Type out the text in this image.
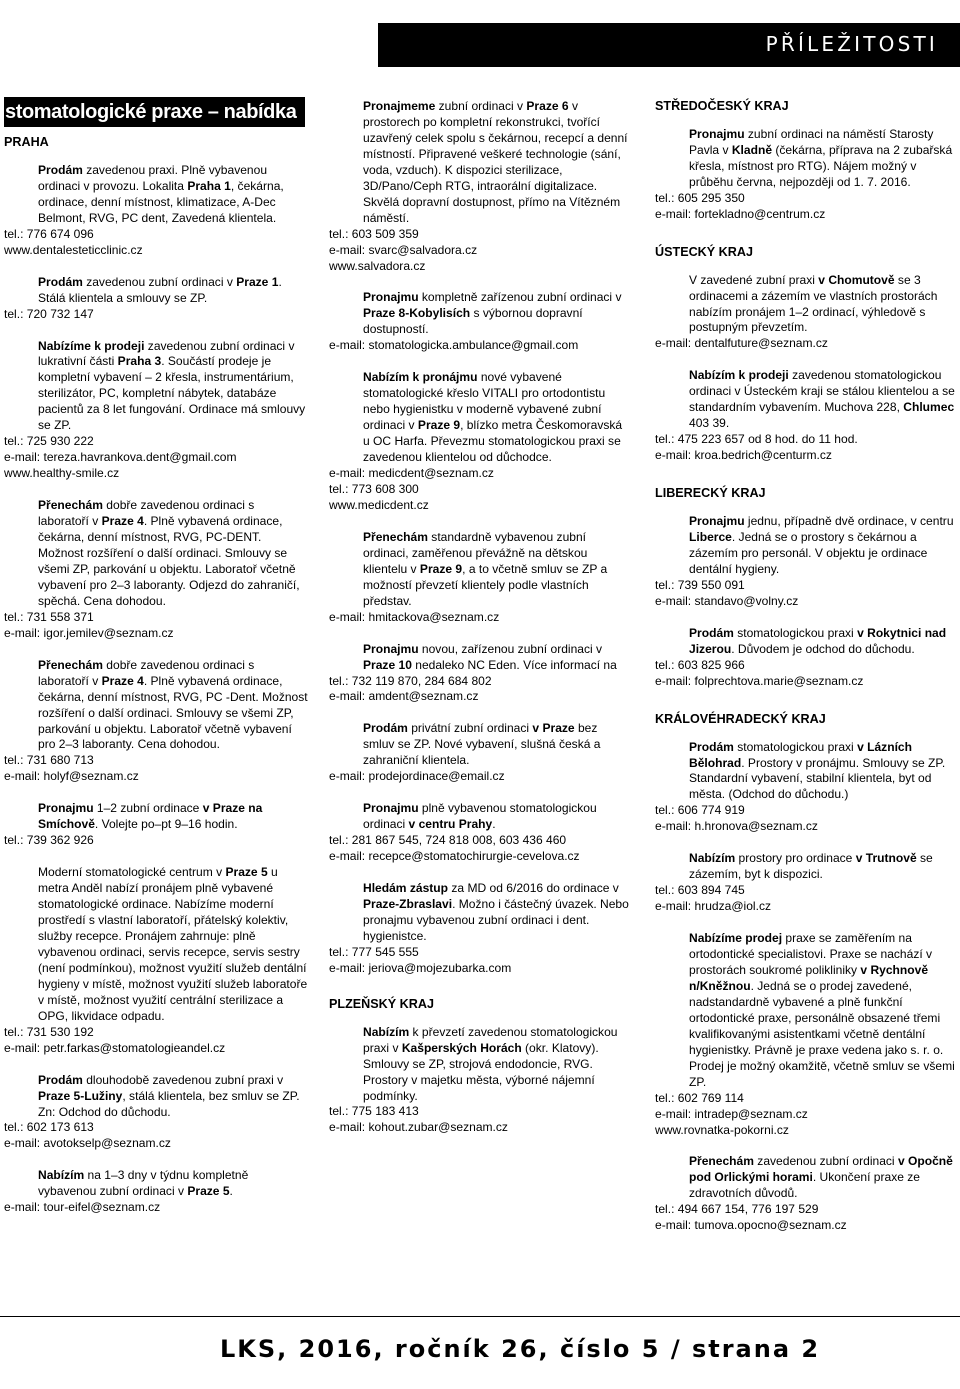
PŘÍLEŽITOSTI
stomatologické praxe – nabídka
PRAHA

Prodám zavedenou praxi. Plně vybavenou ordinaci v provozu. Lokalita Praha 1, čekárna, ordinace, denní místnost, klimatizace, A-Dec Belmont, RVG, PC dent, Zavedená klientela.

tel.: 776 674 096

www.dentalesteticclinic.cz

Prodám zavedenou zubní ordinaci v Praze 1. Stálá klientela a smlouvy se ZP.

tel.: 720 732 147

Nabízíme k prodeji zavedenou zubní ordinaci v lukrativní části Praha 3. Součástí prodeje je kompletní vybavení – 2 křesla, instrumentárium, sterilizátor, PC, kompletní nábytek, databáze pacientů za 8 let fungování. Ordinace má smlouvy se ZP.

tel.: 725 930 222

e-mail: tereza.havrankova.dent@gmail.com

www.healthy-smile.cz

Přenechám dobře zavedenou ordinaci s laboratoří v Praze 4. Plně vybavená ordinace, čekárna, denní místnost, RVG, PC-DENT. Možnost rozšíření o další ordinaci. Smlouvy se všemi ZP, parkování u objektu. Laboratoř včetně vybavení pro 2–3 laboranty. Odjezd do zahraničí, spěchá. Cena dohodou.

tel.: 731 558 371

e-mail: igor.jemilev@seznam.cz

Přenechám dobře zavedenou ordinaci s laboratoří v Praze 4. Plně vybavená ordinace, čekárna, denní místnost, RVG, PC -Dent. Možnost rozšíření o další ordinaci. Smlouvy se všemi ZP, parkování u objektu. Laboratoř včetně vybavení pro 2–3 laboranty. Cena dohodou.

tel.: 731 680 713

e-mail: holyf@seznam.cz

Pronajmu 1–2 zubní ordinace v Praze na Smíchově. Volejte po–pt 9–16 hodin.

tel.: 739 362 926

Moderní stomatologické centrum v Praze 5 u metra Anděl nabízí pronájem plně vybavené stomatologické ordinace. Nabízíme moderní prostředí s vlastní laboratoří, přátelský kolektiv, služby recepce. Pronájem zahrnuje: plně vybavenou ordinaci, servis recepce, servis sestry (není podmínkou), možnost využití služeb dentální hygieny v místě, možnost využití služeb laboratoře v místě, možnost využití centrální sterilizace a OPG, likvidace odpadu.

tel.: 731 530 192

e-mail: petr.farkas@stomatologieandel.cz

Prodám dlouhodobě zavedenou zubní praxi v Praze 5-Lužiny, stálá klientela, bez smluv se ZP. Zn: Odchod do důchodu.

tel.: 602 173 613

e-mail: avotokselp@seznam.cz

Nabízím na 1–3 dny v týdnu kompletně vybavenou zubní ordinaci v Praze 5.

e-mail: tour-eifel@seznam.cz

Pronajmeme zubní ordinaci v Praze 6 v prostorech po kompletní rekonstrukci, tvořící uzavřený celek spolu s čekárnou, recepcí a denní místností. Připravené veškeré technologie (sání, voda, vzduch). K dispozici sterilizace, 3D/Pano/Ceph RTG, intraorální digitalizace. Skvělá dopravní dostupnost, přímo na Vítězném náměstí.

tel.: 603 509 359

e-mail: svarc@salvadora.cz

www.salvadora.cz

Pronajmu kompletně zařízenou zubní ordinaci v Praze 8-Kobylisích s výbornou dopravní dostupností.

e-mail: stomatologicka.ambulance@gmail.com

Nabízím k pronájmu nové vybavené stomatologické křeslo VITALI pro ortodontistu nebo hygienistku v moderně vybavené zubní ordinaci v Praze 9, blízko metra Českomoravská u OC Harfa. Převezmu stomatologickou praxi se zavedenou klientelou od důchodce.

e-mail: medicdent@seznam.cz

tel.: 773 608 300

www.medicdent.cz

Přenechám standardně vybavenou zubní ordinaci, zaměřenou převážně na dětskou klientelu v Praze 9, a to včetně smluv se ZP a možností převzetí klientely podle vlastních představ.

e-mail: hmitackova@seznam.cz

Pronajmu novou, zařízenou zubní ordinaci v Praze 10 nedaleko NC Eden. Více informací na

tel.: 732 119 870, 284 684 802

e-mail: amdent@seznam.cz

Prodám privátní zubní ordinaci v Praze bez smluv se ZP. Nové vybavení, slušná česká a zahraniční klientela.

e-mail: prodejordinace@email.cz

Pronajmu plně vybavenou stomatologickou ordinaci v centru Prahy.

tel.: 281 867 545, 724 818 008, 603 436 460

e-mail: recepce@stomatochirurgie-cevelova.cz

Hledám zástup za MD od 6/2016 do ordinace v Praze-Zbraslavi. Možno i částečný úvazek. Nebo pronajmu vybavenou zubní ordinaci i dent. hygienistce.

tel.: 777 545 555

e-mail: jeriova@mojezubarka.com

PLZEŇSKÝ KRAJ

Nabízím k převzetí zavedenou stomatologickou praxi v Kašperských Horách (okr. Klatovy). Smlouvy se ZP, strojová endodoncie, RVG. Prostory v majetku města, výborné nájemní podmínky.

tel.: 775 183 413

e-mail: kohout.zubar@seznam.cz

STŘEDOČESKÝ KRAJ

Pronajmu zubní ordinaci na náměstí Starosty Pavla v Kladně (čekárna, příprava na 2 zubařská křesla, místnost pro RTG). Nájem možný v průběhu června, nejpozději od 1. 7. 2016.

tel.: 605 295 350

e-mail: fortekladno@centrum.cz

ÚSTECKÝ KRAJ

V zavedené zubní praxi v Chomutově se 3 ordinacemi a zázemím ve vlastních prostorách nabízím pronájem 1–2 ordinací, výhledově s postupným převzetím.

e-mail: dentalfuture@seznam.cz

Nabízím k prodeji zavedenou stomatologickou ordinaci v Ústeckém kraji se stálou klientelou a se standardním vybavením. Muchova 228, Chlumec 403 39.

tel.: 475 223 657 od 8 hod. do 11 hod.

e-mail: kroa.bedrich@centurm.cz

LIBERECKÝ KRAJ

Pronajmu jednu, případně dvě ordinace, v centru Liberce. Jedná se o prostory s čekárnou a zázemím pro personál. V objektu je ordinace dentální hygieny.

tel.: 739 550 091

e-mail: standavo@volny.cz

Prodám stomatologickou praxi v Rokytnici nad Jizerou. Důvodem je odchod do důchodu.

tel.: 603 825 966

e-mail: folprechtova.marie@seznam.cz

KRÁLOVÉHRADECKÝ KRAJ

Prodám stomatologickou praxi v Lázních Bělohrad. Prostory v pronájmu. Smlouvy se ZP. Standardní vybavení, stabilní klientela, byt od města. (Odchod do důchodu.)

tel.: 606 774 919

e-mail: h.hronova@seznam.cz

Nabízím prostory pro ordinace v Trutnově se zázemím, byt k dispozici.

tel.: 603 894 745

e-mail: hrudza@iol.cz

Nabízíme prodej praxe se zaměřením na ortodontické specialistovi. Praxe se nachází v prostorách soukromé polikliniky v Rychnově n/Kněžnou. Jedná se o prodej zavedené, nadstandardně vybavené a plně funkční ortodontické praxe, personálně obsazené třemi kvalifikovanými asistentkami včetně dentální hygienistky. Právně je praxe vedena jako s. r. o. Prodej je možný okamžitě, včetně smluv se všemi ZP.

tel.: 602 769 114

e-mail: intradep@seznam.cz

www.rovnatka-pokorni.cz

Přenechám zavedenou zubní ordinaci v Opočně pod Orlickými horami. Ukončení praxe ze zdravotních důvodů.

tel.: 494 667 154, 776 197 529

e-mail: tumova.opocno@seznam.cz

LKS, 2016, ročník 26, číslo 5 / strana 2
